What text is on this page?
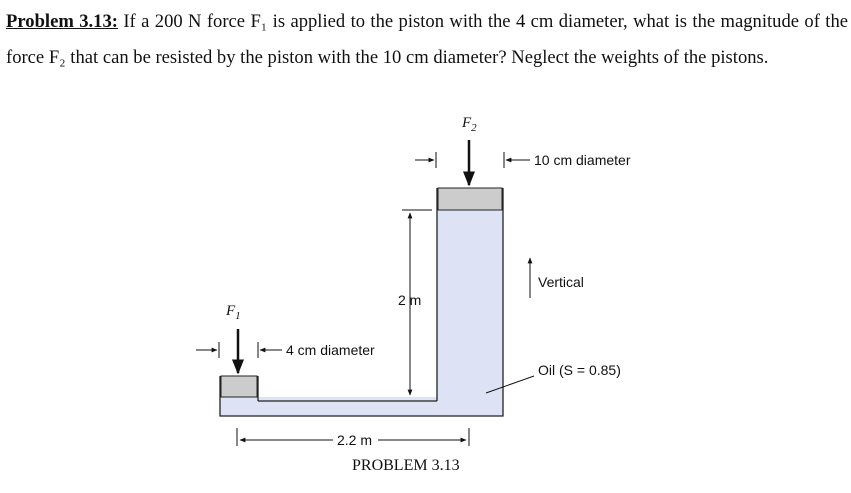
Problem 3.13: If a 200 N force F₁ is applied to the piston with the 4 cm diameter, what is the magnitude of the force F₂ that can be resisted by the piston with the 10 cm diameter? Neglect the weights of the pistons.

$F_1$
$F_2$
4 cm diameter
10 cm diameter
2 m
Vertical
Oil (S = 0.85)
2.2 m
PROBLEM 3.13
